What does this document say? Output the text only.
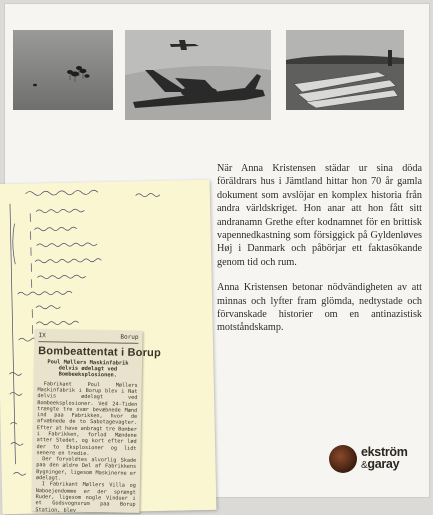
När Anna Kristensen städar ur sina döda föräldrars hus i Jämtland hittar hon 70 år gamla dokument som avslöjar en komplex historia från andra världskriget. Hon anar att hon fått sitt andranamn Grethe efter kodnamnet för en brittisk vapennedkastning som försiggick på Gyldenløves Høj i Danmark och påbörjar ett faktasökande genom tid och rum.

Anna Kristensen betonar nödvändigheten av att minnas och lyfter fram glömda, nedtystade och förvanskade historier om en antinazistisk motståndskamp.

IX	Borup
Bombeattentat i Borup
Poul Møllers Maskinfabrik delvis ødelagt ved Bombeeksplosionen.

Fabrikant Poul Møllers Maskinfabrik i Borup blev i Nat delvis ødelagt ved Bombeeksplosioner. Ved 24-Tiden trængte tre svær bevæbnede Mænd ind paa Fabrikken, hvor de afvæbnede de to Sabotagevagter. Efter at have anbragt tre Bomber i Fabrikken, forlod Mændene atter Stedet, og kort efter lød der to Eksplosioner og lidt senere en tredie.

Der forvoldtes alvorlig Skade paa den ældre Del af Fabrikkens Bygninger, ligesom Maskinerne er ødelagt.

I Fabrikant Møllers Villa og Naboejendomme er der sprængt Ruder, ligesom nogle Vinduer i et Godsvognsrum paa Borup Station, blev

ekström
&garay
